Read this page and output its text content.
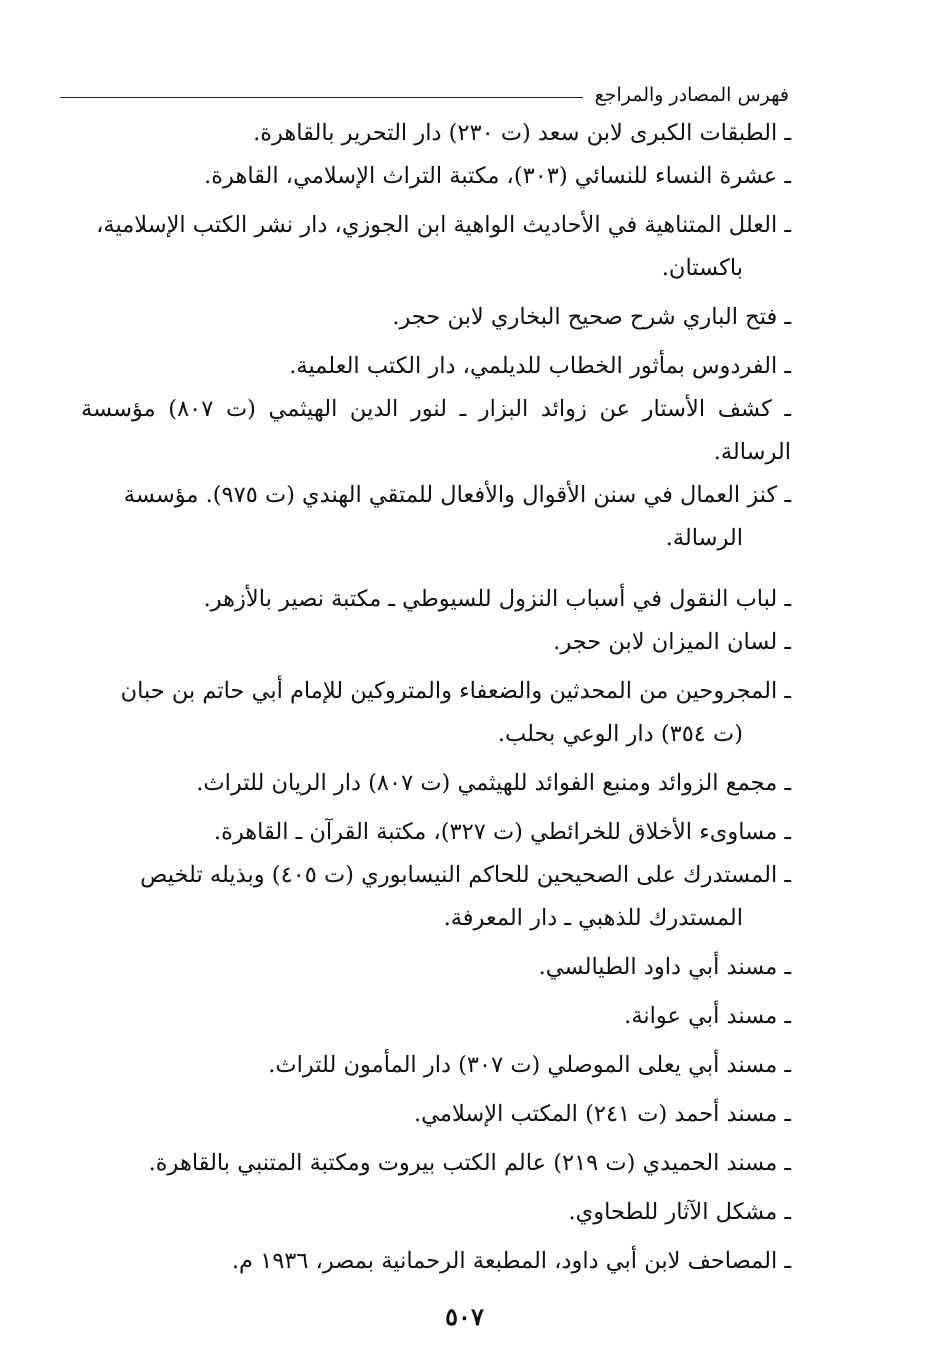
فهرس المصادر والمراجع

ـ الطبقات الكبرى لابن سعد (ت ٢٣٠) دار التحرير بالقاهرة.

ـ عشرة النساء للنسائي (٣٠٣)، مكتبة التراث الإسلامي، القاهرة.

ـ العلل المتناهية في الأحاديث الواهية ابن الجوزي، دار نشر الكتب الإسلامية،
باكستان.

ـ فتح الباري شرح صحيح البخاري لابن حجر.

ـ الفردوس بمأثور الخطاب للديلمي، دار الكتب العلمية.

ـ كشف الأستار عن زوائد البزار ـ لنور الدين الهيثمي (ت ٨٠٧) مؤسسة الرسالة.

ـ كنز العمال في سنن الأقوال والأفعال للمتقي الهندي (ت ٩٧٥). مؤسسة
الرسالة.

ـ لباب النقول في أسباب النزول للسيوطي ـ مكتبة نصير بالأزهر.

ـ لسان الميزان لابن حجر.

ـ المجروحين من المحدثين والضعفاء والمتروكين للإمام أبي حاتم بن حبان
(ت ٣٥٤) دار الوعي بحلب.

ـ مجمع الزوائد ومنبع الفوائد للهيثمي (ت ٨٠٧) دار الريان للتراث.

ـ مساوىء الأخلاق للخرائطي (ت ٣٢٧)، مكتبة القرآن ـ القاهرة.

ـ المستدرك على الصحيحين للحاكم النيسابوري (ت ٤٠٥) وبذيله تلخيص
المستدرك للذهبي ـ دار المعرفة.

ـ مسند أبي داود الطيالسي.

ـ مسند أبي عوانة.

ـ مسند أبي يعلى الموصلي (ت ٣٠٧) دار المأمون للتراث.

ـ مسند أحمد (ت ٢٤١) المكتب الإسلامي.

ـ مسند الحميدي (ت ٢١٩) عالم الكتب بيروت ومكتبة المتنبي بالقاهرة.

ـ مشكل الآثار للطحاوي.

ـ المصاحف لابن أبي داود، المطبعة الرحمانية بمصر، ١٩٣٦ م.

٥٠٧
